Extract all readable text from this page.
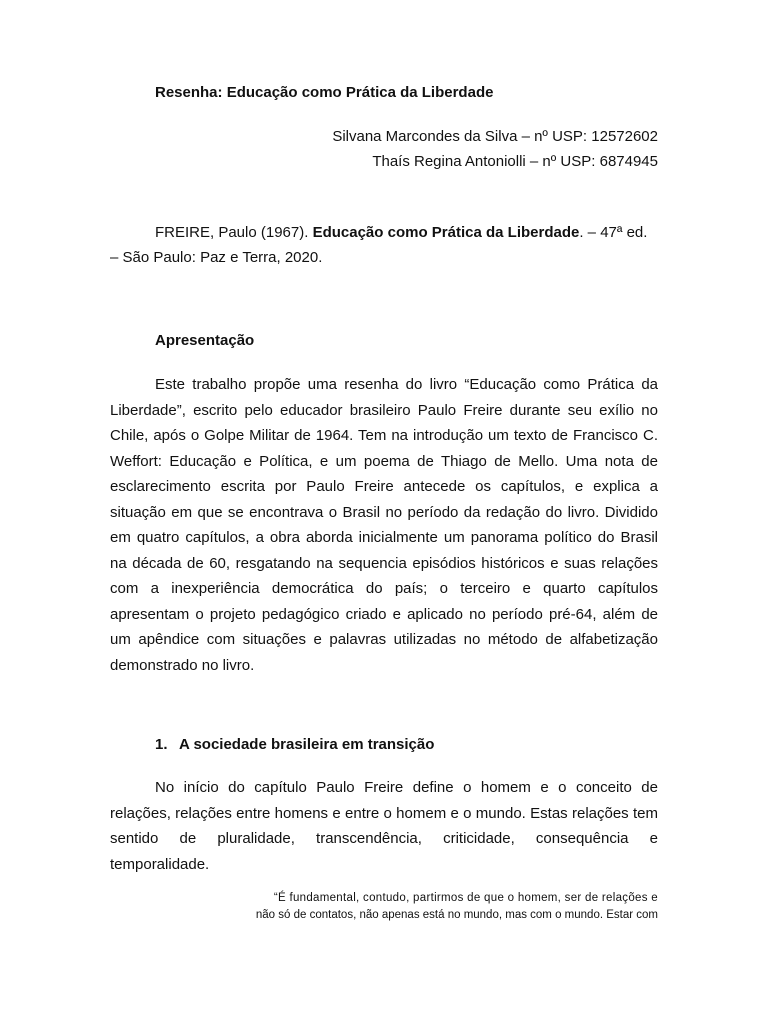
Resenha: Educação como Prática da Liberdade
Silvana Marcondes da Silva – nº USP: 12572602
Thaís Regina Antoniolli – nº USP: 6874945
FREIRE, Paulo (1967). Educação como Prática da Liberdade. – 47ª ed. – São Paulo: Paz e Terra, 2020.
Apresentação
Este trabalho propõe uma resenha do livro “Educação como Prática da Liberdade”, escrito pelo educador brasileiro Paulo Freire durante seu exílio no Chile, após o Golpe Militar de 1964. Tem na introdução um texto de Francisco C. Weffort: Educação e Política, e um poema de Thiago de Mello. Uma nota de esclarecimento escrita por Paulo Freire antecede os capítulos, e explica a situação em que se encontrava o Brasil no período da redação do livro. Dividido em quatro capítulos, a obra aborda inicialmente um panorama político do Brasil na década de 60, resgatando na sequencia episódios históricos e suas relações com a inexperiência democrática do país; o terceiro e quarto capítulos apresentam o projeto pedagógico criado e aplicado no período pré-64, além de um apêndice com situações e palavras utilizadas no método de alfabetização demonstrado no livro.
1. A sociedade brasileira em transição
No início do capítulo Paulo Freire define o homem e o conceito de relações, relações entre homens e entre o homem e o mundo. Estas relações tem sentido de pluralidade, transcendência, criticidade, consequência e temporalidade.
“É fundamental, contudo, partirmos de que o homem, ser de relações e
não só de contatos, não apenas está no mundo, mas com o mundo. Estar com
